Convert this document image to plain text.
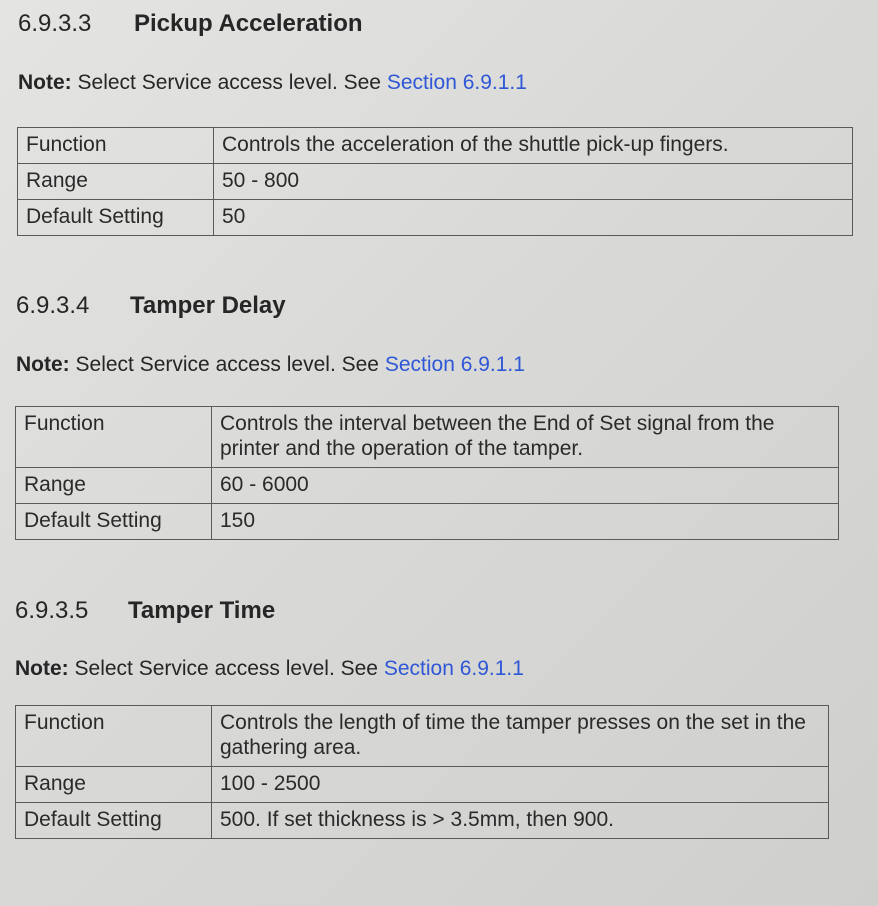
6.9.3.3	Pickup Acceleration
Note: Select Service access level. See Section 6.9.1.1
Function	Controls the acceleration of the shuttle pick-up fingers.
Range	50 - 800
Default Setting	50
6.9.3.4	Tamper Delay
Note: Select Service access level. See Section 6.9.1.1
Function	Controls the interval between the End of Set signal from the printer and the operation of the tamper.
Range	60 - 6000
Default Setting	150
6.9.3.5	Tamper Time
Note: Select Service access level. See Section 6.9.1.1
Function	Controls the length of time the tamper presses on the set in the gathering area.
Range	100 - 2500
Default Setting	500. If set thickness is > 3.5mm, then 900.
